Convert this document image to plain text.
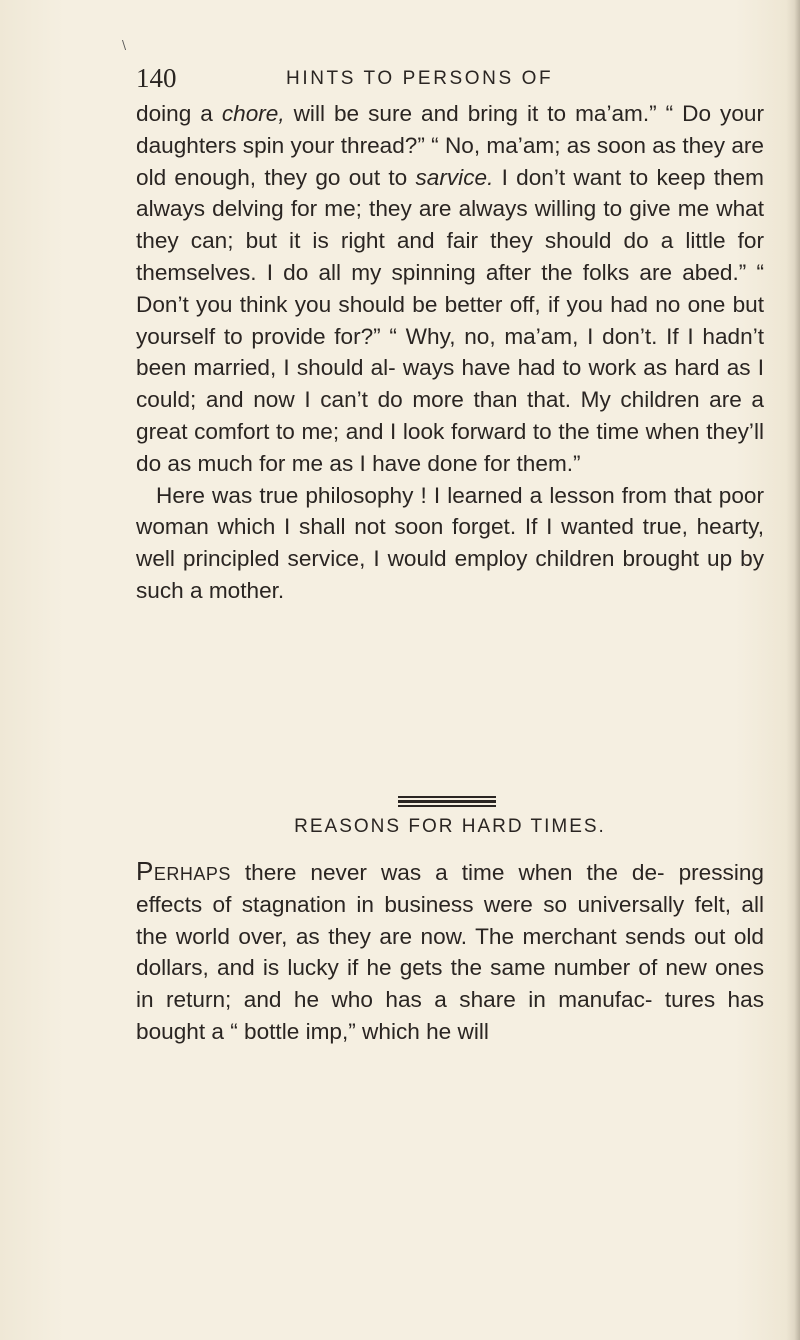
\
140	HINTS TO PERSONS OF

doing a chore, will be sure and bring it to ma’am.” “ Do your daughters spin your thread?” “ No, ma’am; as soon as they are old enough, they go out to sarvice. I don’t want to keep them always delving for me; they are always willing to give me what they can; but it is right and fair they should do a little for themselves. I do all my spinning after the folks are abed.” “ Don’t you think you should be better off, if you had no one but yourself to provide for?” “ Why, no, ma’am, I don’t. If I hadn’t been married, I should al- ways have had to work as hard as I could; and now I can’t do more than that. My children are a great comfort to me; and I look forward to the time when they’ll do as much for me as I have done for them.”

Here was true philosophy ! I learned a lesson from that poor woman which I shall not soon forget. If I wanted true, hearty, well principled service, I would employ children brought up by such a mother.

REASONS FOR HARD TIMES.

Perhaps there never was a time when the de- pressing effects of stagnation in business were so universally felt, all the world over, as they are now. The merchant sends out old dollars, and is lucky if he gets the same number of new ones in return; and he who has a share in manufac- tures has bought a “ bottle imp,” which he will
